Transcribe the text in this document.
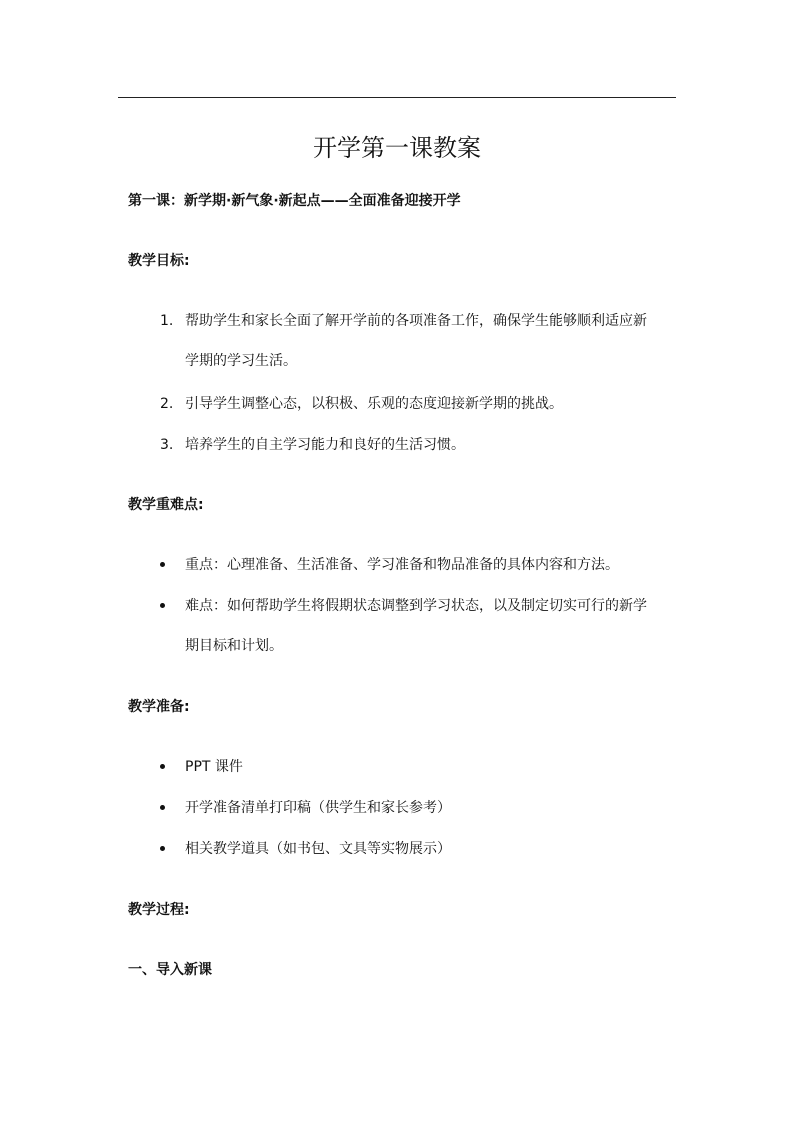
开学第一课教案
第一课：新学期·新气象·新起点——全面准备迎接开学
教学目标:
1. 帮助学生和家长全面了解开学前的各项准备工作，确保学生能够顺利适应新
学期的学习生活。
2. 引导学生调整心态，以积极、乐观的态度迎接新学期的挑战。
3. 培养学生的自主学习能力和良好的生活习惯。
教学重难点:
重点：心理准备、生活准备、学习准备和物品准备的具体内容和方法。
难点：如何帮助学生将假期状态调整到学习状态，以及制定切实可行的新学
期目标和计划。
教学准备:
PPT 课件
开学准备清单打印稿（供学生和家长参考）
相关教学道具（如书包、文具等实物展示）
教学过程:
一、导入新课
